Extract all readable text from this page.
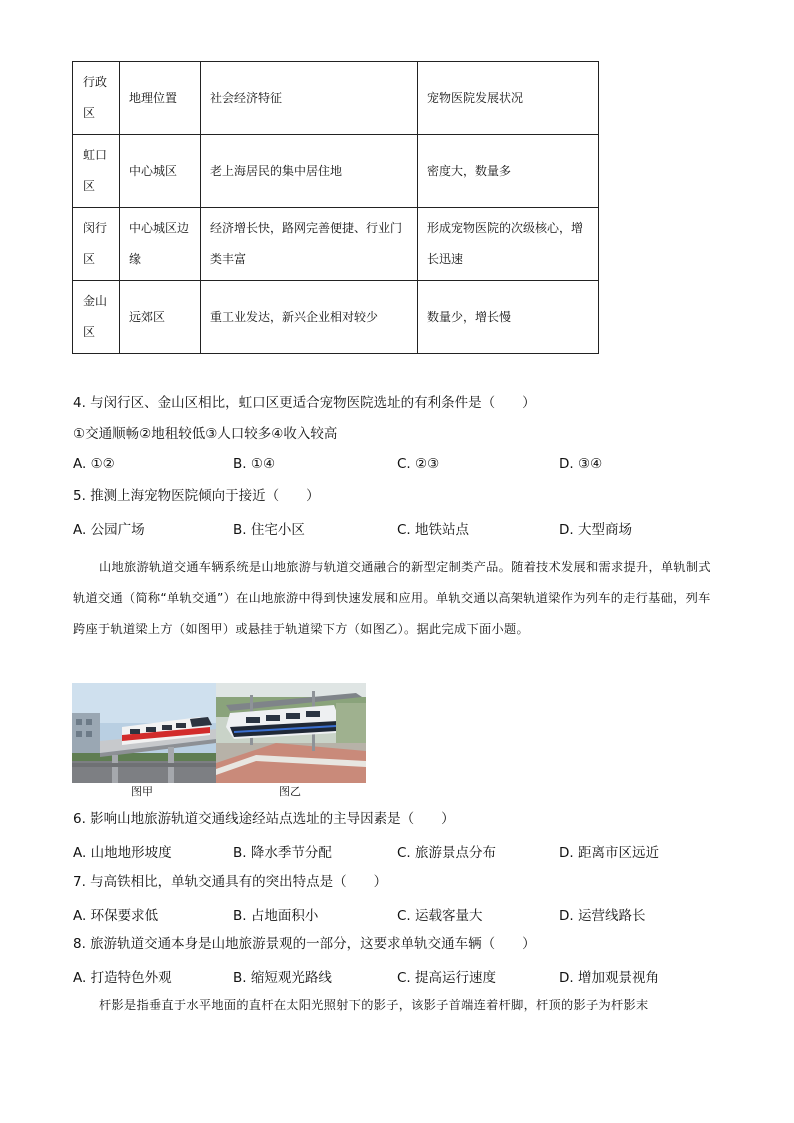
行政区	地理位置	社会经济特征	宠物医院发展状况
虹口区	中心城区	老上海居民的集中居住地	密度大，数量多
闵行区	中心城区边缘	经济增长快，路网完善便捷、行业门类丰富	形成宠物医院的次级核心，增长迅速
金山区	远郊区	重工业发达，新兴企业相对较少	数量少，增长慢
4. 与闵行区、金山区相比，虹口区更适合宠物医院选址的有利条件是（　　）
①交通顺畅②地租较低③人口较多④收入较高
A. ①②	B. ①④	C. ②③	D. ③④
5. 推测上海宠物医院倾向于接近（　　）
A. 公园广场	B. 住宅小区	C. 地铁站点	D. 大型商场
山地旅游轨道交通车辆系统是山地旅游与轨道交通融合的新型定制类产品。随着技术发展和需求提升，单轨制式轨道交通（简称“单轨交通”）在山地旅游中得到快速发展和应用。单轨交通以高架轨道梁作为列车的走行基础，列车跨座于轨道梁上方（如图甲）或悬挂于轨道梁下方（如图乙）。据此完成下面小题。
图甲	图乙
6. 影响山地旅游轨道交通线途经站点选址的主导因素是（　　）
A. 山地地形坡度	B. 降水季节分配	C. 旅游景点分布	D. 距离市区远近
7. 与高铁相比，单轨交通具有的突出特点是（　　）
A. 环保要求低	B. 占地面积小	C. 运载客量大	D. 运营线路长
8. 旅游轨道交通本身是山地旅游景观的一部分，这要求单轨交通车辆（　　）
A. 打造特色外观	B. 缩短观光路线	C. 提高运行速度	D. 增加观景视角
杆影是指垂直于水平地面的直杆在太阳光照射下的影子，该影子首端连着杆脚，杆顶的影子为杆影末
